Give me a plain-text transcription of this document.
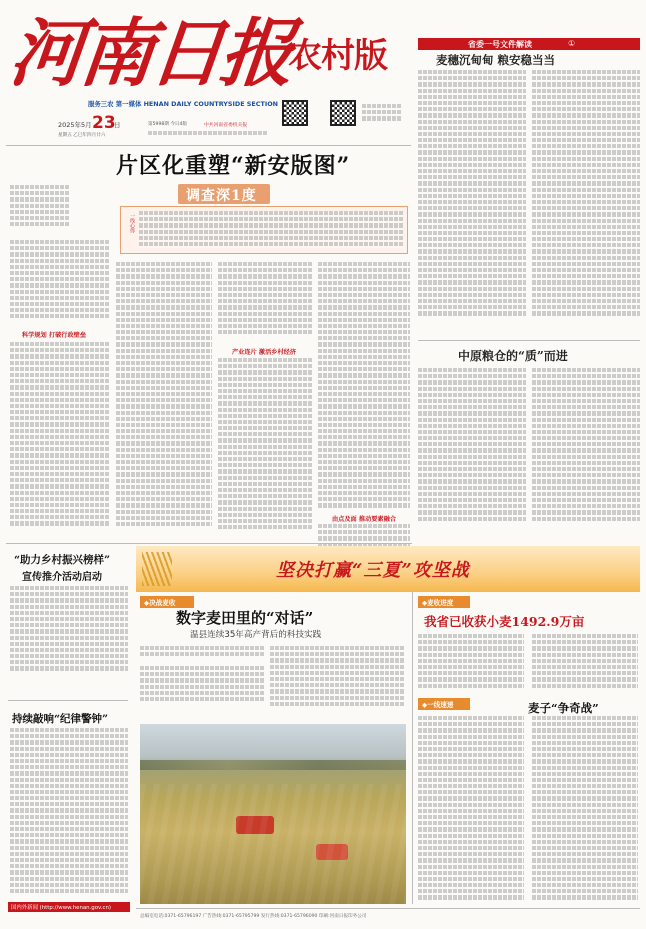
河南日报
农村版
服务三农 第一媒体 HENAN DAILY COUNTRYSIDE SECTION
2025年5月 23
日
星期五 乙巳年四月廿六
第5998期 今日4版	中共河南省委机关报
省委一号文件解读	①
麦穗沉甸甸 粮安稳当当
中原粮仓的“质”而进
片区化重塑“新安版图”
调查深1度
一线心得
科学规划 打破行政壁垒
产业连片 激活乡村经济
由点及面 推动要素融合
“助力乡村振兴榜样”
宣传推介活动启动
持续敲响“纪律警钟”
国内外新闻 (http://www.henan.gov.cn)
坚决打赢“三夏”攻坚战
◆决战麦收
数字麦田里的“对话”
温县连续35年高产背后的科技实践
◆麦收进度
我省已收获小麦1492.9万亩
◆一线速递	麦子“争奇战”
总编室电话:0371-65796197 广告热线:0371-65795799 发行热线:0371-65796090 印刷:河南日报印务公司
